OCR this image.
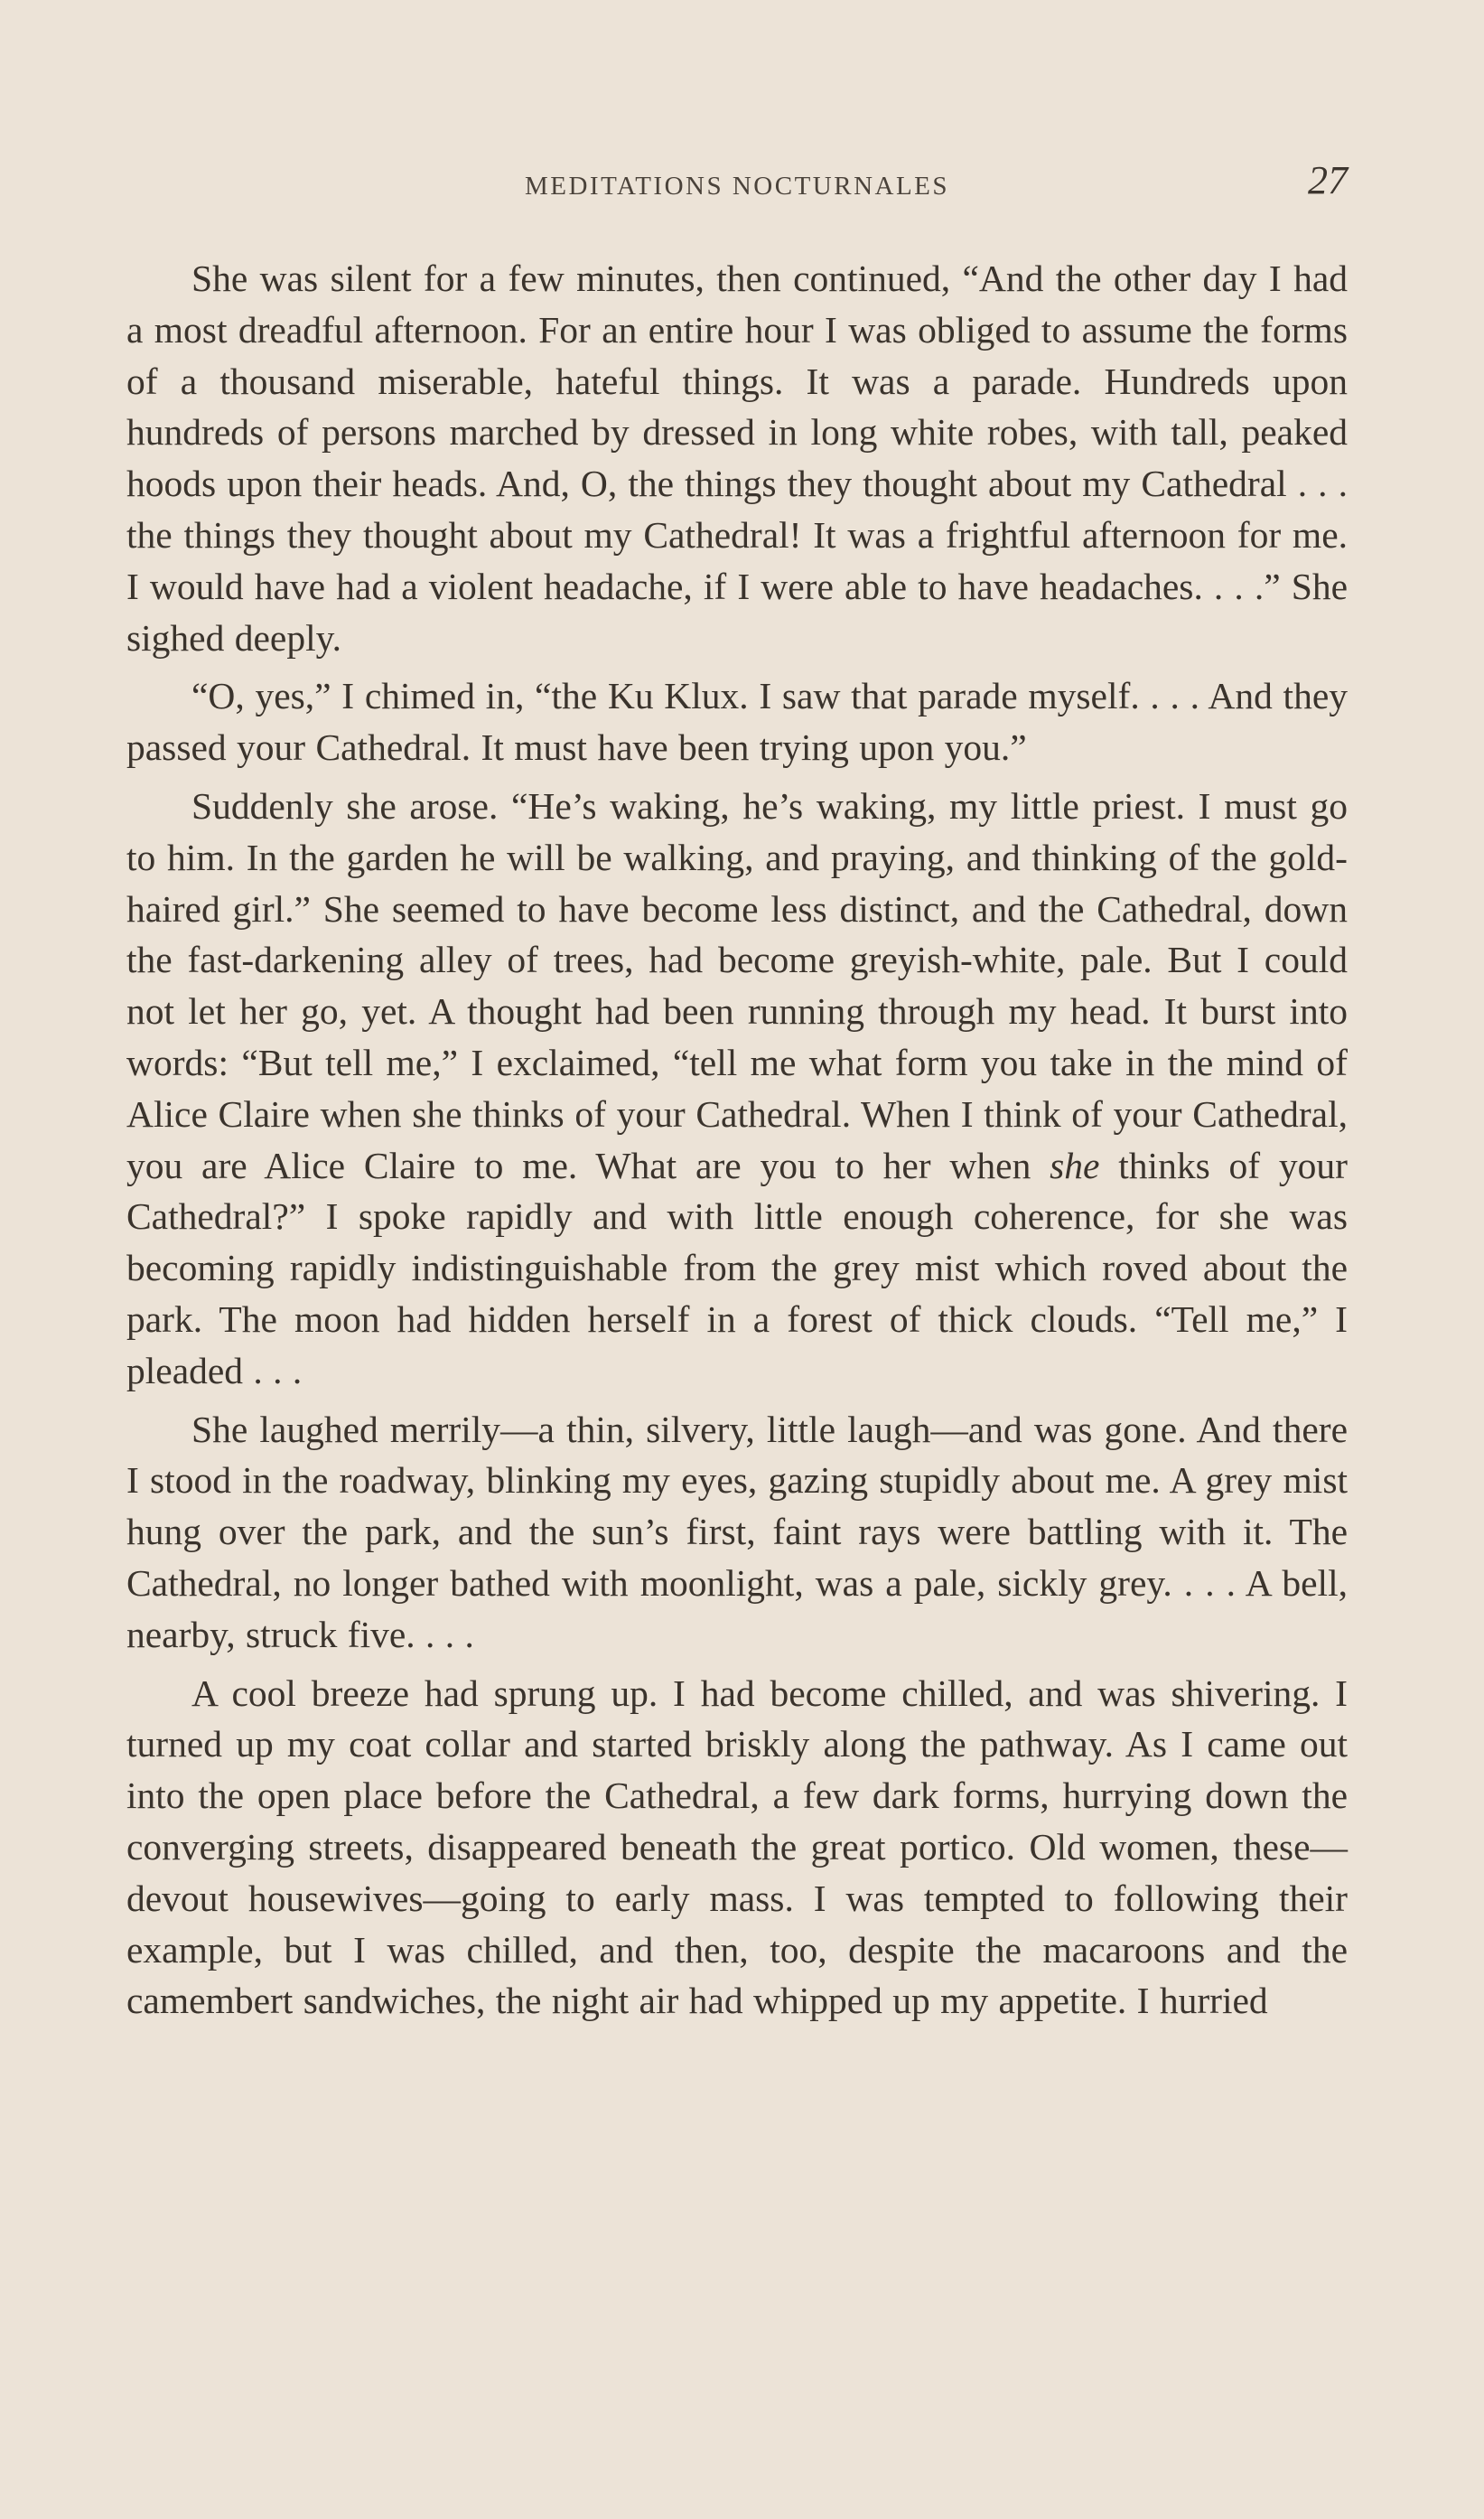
MEDITATIONS NOCTURNALES	27

She was silent for a few minutes, then continued, “And the other day I had a most dreadful afternoon. For an entire hour I was obliged to assume the forms of a thousand miserable, hateful things. It was a parade. Hundreds upon hundreds of persons marched by dressed in long white robes, with tall, peaked hoods upon their heads. And, O, the things they thought about my Cathedral . . . the things they thought about my Cathedral! It was a frightful afternoon for me. I would have had a violent headache, if I were able to have headaches. . . .” She sighed deeply.

“O, yes,” I chimed in, “the Ku Klux. I saw that parade myself. . . . And they passed your Cathedral. It must have been trying upon you.”

Suddenly she arose. “He’s waking, he’s waking, my little priest. I must go to him. In the garden he will be walking, and praying, and thinking of the gold-haired girl.” She seemed to have become less distinct, and the Cathedral, down the fast-darkening alley of trees, had become greyish-white, pale. But I could not let her go, yet. A thought had been running through my head. It burst into words: “But tell me,” I exclaimed, “tell me what form you take in the mind of Alice Claire when she thinks of your Cathedral. When I think of your Cathedral, you are Alice Claire to me. What are you to her when she thinks of your Cathedral?” I spoke rapidly and with little enough coherence, for she was becoming rapidly indistinguishable from the grey mist which roved about the park. The moon had hidden herself in a forest of thick clouds. “Tell me,” I pleaded . . .

She laughed merrily—a thin, silvery, little laugh—and was gone. And there I stood in the roadway, blinking my eyes, gazing stupidly about me. A grey mist hung over the park, and the sun’s first, faint rays were battling with it. The Cathedral, no longer bathed with moonlight, was a pale, sickly grey. . . . A bell, nearby, struck five. . . .

A cool breeze had sprung up. I had become chilled, and was shivering. I turned up my coat collar and started briskly along the pathway. As I came out into the open place before the Cathedral, a few dark forms, hurrying down the converging streets, disappeared beneath the great portico. Old women, these—devout housewives—going to early mass. I was tempted to following their example, but I was chilled, and then, too, despite the macaroons and the camembert sandwiches, the night air had whipped up my appetite. I hurried
